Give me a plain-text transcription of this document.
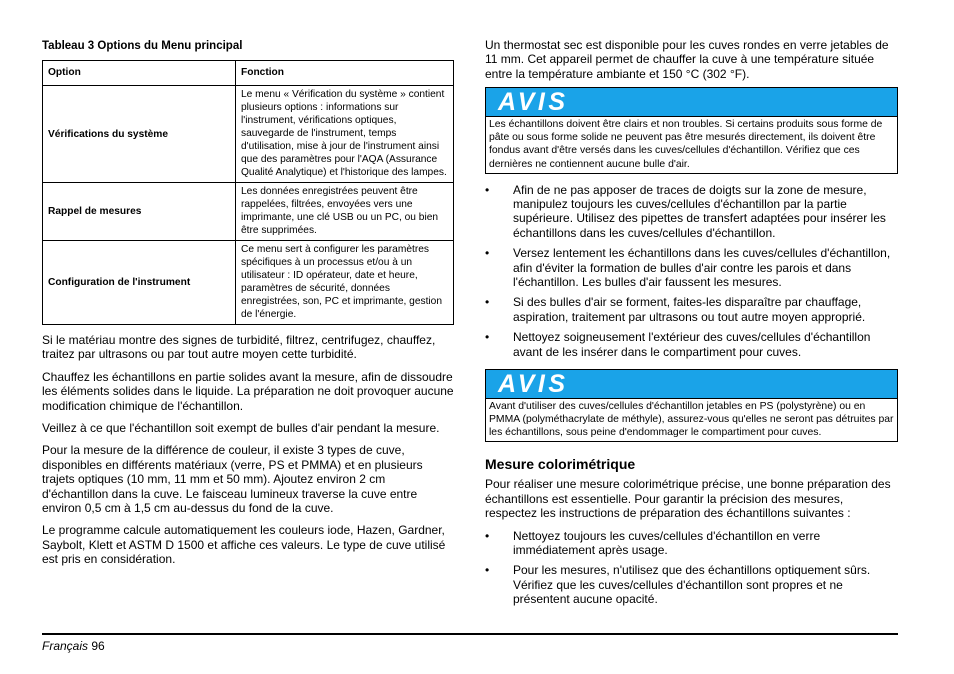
Tableau 3 Options du Menu principal
Option	Fonction
Vérifications du système	Le menu « Vérification du système » contient plusieurs options : informations sur l'instrument, vérifications optiques, sauvegarde de l'instrument, temps d'utilisation, mise à jour de l'instrument ainsi que des paramètres pour l'AQA (Assurance Qualité Analytique) et l'historique des lampes.
Rappel de mesures	Les données enregistrées peuvent être rappelées, filtrées, envoyées vers une imprimante, une clé USB ou un PC, ou bien être supprimées.
Configuration de l'instrument	Ce menu sert à configurer les paramètres spécifiques à un processus et/ou à un utilisateur : ID opérateur, date et heure, paramètres de sécurité, données enregistrées, son, PC et imprimante, gestion de l'énergie.

Si le matériau montre des signes de turbidité, filtrez, centrifugez, chauffez, traitez par ultrasons ou par tout autre moyen cette turbidité.

Chauffez les échantillons en partie solides avant la mesure, afin de dissoudre les éléments solides dans le liquide. La préparation ne doit provoquer aucune modification chimique de l'échantillon.

Veillez à ce que l'échantillon soit exempt de bulles d'air pendant la mesure.

Pour la mesure de la différence de couleur, il existe 3 types de cuve, disponibles en différents matériaux (verre, PS et PMMA) et en plusieurs trajets optiques (10 mm, 11 mm et 50 mm). Ajoutez environ 2 cm d'échantillon dans la cuve. Le faisceau lumineux traverse la cuve entre environ 0,5 cm à 1,5 cm au-dessus du fond de la cuve.

Le programme calcule automatiquement les couleurs iode, Hazen, Gardner, Saybolt, Klett et ASTM D 1500 et affiche ces valeurs. Le type de cuve utilisé est pris en considération.

Un thermostat sec est disponible pour les cuves rondes en verre jetables de 11 mm. Cet appareil permet de chauffer la cuve à une température située entre la température ambiante et 150 °C (302 °F).

AVIS
Les échantillons doivent être clairs et non troubles. Si certains produits sous forme de pâte ou sous forme solide ne peuvent pas être mesurés directement, ils doivent être fondus avant d'être versés dans les cuves/cellules d'échantillon. Vérifiez que ces dernières ne contiennent aucune bulle d'air.
• Afin de ne pas apposer de traces de doigts sur la zone de mesure, manipulez toujours les cuves/cellules d'échantillon par la partie supérieure. Utilisez des pipettes de transfert adaptées pour insérer les échantillons dans les cuves/cellules d'échantillon.
• Versez lentement les échantillons dans les cuves/cellules d'échantillon, afin d'éviter la formation de bulles d'air contre les parois et dans l'échantillon. Les bulles d'air faussent les mesures.
• Si des bulles d'air se forment, faites-les disparaître par chauffage, aspiration, traitement par ultrasons ou tout autre moyen approprié.
• Nettoyez soigneusement l'extérieur des cuves/cellules d'échantillon avant de les insérer dans le compartiment pour cuves.
AVIS
Avant d'utiliser des cuves/cellules d'échantillon jetables en PS (polystyrène) ou en PMMA (polyméthacrylate de méthyle), assurez-vous qu'elles ne seront pas détruites par les échantillons, sous peine d'endommager le compartiment pour cuves.
Mesure colorimétrique

Pour réaliser une mesure colorimétrique précise, une bonne préparation des échantillons est essentielle. Pour garantir la précision des mesures, respectez les instructions de préparation des échantillons suivantes :

• Nettoyez toujours les cuves/cellules d'échantillon en verre immédiatement après usage.
• Pour les mesures, n'utilisez que des échantillons optiquement sûrs. Vérifiez que les cuves/cellules d'échantillon sont propres et ne présentent aucune opacité.
Français 96
